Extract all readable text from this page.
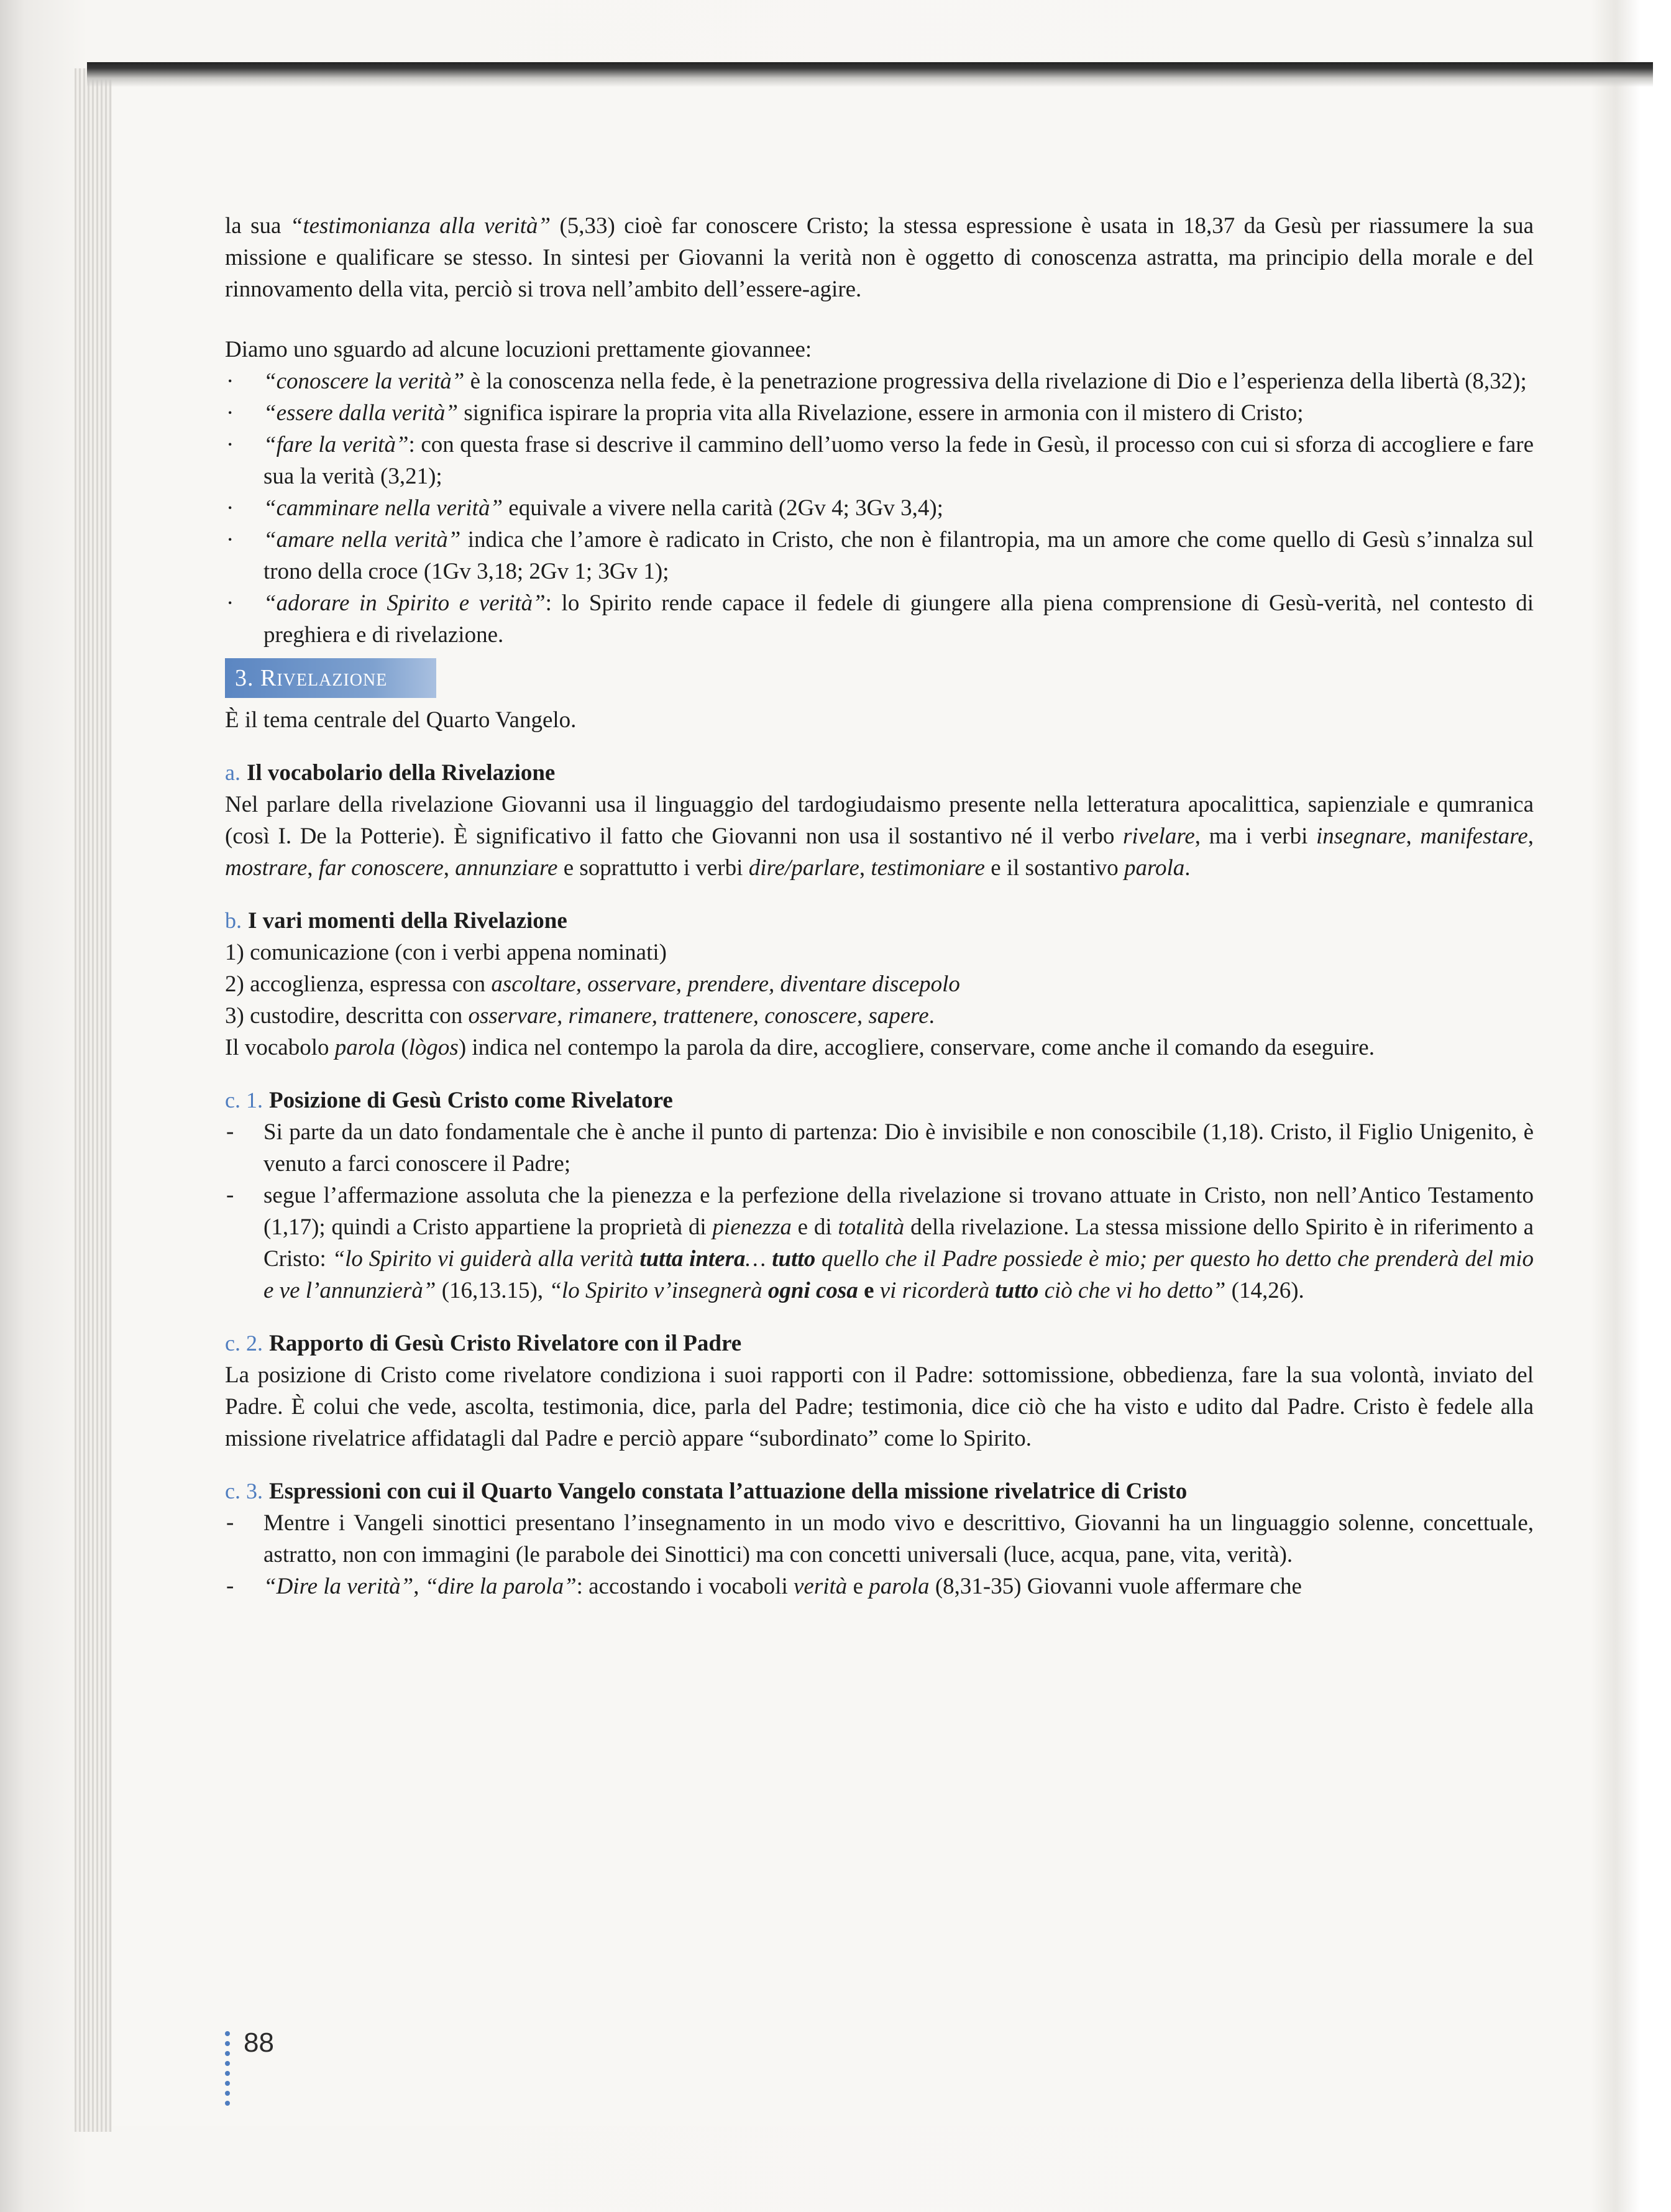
la sua “testimonianza alla verità” (5,33) cioè far conoscere Cristo; la stessa espressione è usata in 18,37 da Gesù per riassumere la sua missione e qualificare se stesso. In sintesi per Giovanni la verità non è oggetto di conoscenza astratta, ma principio della morale e del rinnovamento della vita, perciò si trova nell’ambito dell’essere-agire.

Diamo uno sguardo ad alcune locuzioni prettamente giovannee:

· “conoscere la verità” è la conoscenza nella fede, è la penetrazione progressiva della rivelazione di Dio e l’esperienza della libertà (8,32);
· “essere dalla verità” significa ispirare la propria vita alla Rivelazione, essere in armonia con il mistero di Cristo;
· “fare la verità”: con questa frase si descrive il cammino dell’uomo verso la fede in Gesù, il processo con cui si sforza di accogliere e fare sua la verità (3,21);
· “camminare nella verità” equivale a vivere nella carità (2Gv 4; 3Gv 3,4);
· “amare nella verità” indica che l’amore è radicato in Cristo, che non è filantropia, ma un amore che come quello di Gesù s’innalza sul trono della croce (1Gv 3,18; 2Gv 1; 3Gv 1);
· “adorare in Spirito e verità”: lo Spirito rende capace il fedele di giungere alla piena comprensione di Gesù-verità, nel contesto di preghiera e di rivelazione.
3. RIVELAZIONE

È il tema centrale del Quarto Vangelo.

a. Il vocabolario della Rivelazione

Nel parlare della rivelazione Giovanni usa il linguaggio del tardogiudaismo presente nella letteratura apocalittica, sapienziale e qumranica (così I. De la Potterie). È significativo il fatto che Giovanni non usa il sostantivo né il verbo rivelare, ma i verbi insegnare, manifestare, mostrare, far conoscere, annunziare e soprattutto i verbi dire/parlare, testimoniare e il sostantivo parola.

b. I vari momenti della Rivelazione

1) comunicazione (con i verbi appena nominati)
2) accoglienza, espressa con ascoltare, osservare, prendere, diventare discepolo
3) custodire, descritta con osservare, rimanere, trattenere, conoscere, sapere.

Il vocabolo parola (lògos) indica nel contempo la parola da dire, accogliere, conservare, come anche il comando da eseguire.

c. 1. Posizione di Gesù Cristo come Rivelatore

- Si parte da un dato fondamentale che è anche il punto di partenza: Dio è invisibile e non conoscibile (1,18). Cristo, il Figlio Unigenito, è venuto a farci conoscere il Padre;
- segue l’affermazione assoluta che la pienezza e la perfezione della rivelazione si trovano attuate in Cristo, non nell’Antico Testamento (1,17); quindi a Cristo appartiene la proprietà di pienezza e di totalità della rivelazione. La stessa missione dello Spirito è in riferimento a Cristo: “lo Spirito vi guiderà alla verità tutta intera… tutto quello che il Padre possiede è mio; per questo ho detto che prenderà del mio e ve l’annunzierà” (16,13.15), “lo Spirito v’insegnerà ogni cosa e vi ricorderà tutto ciò che vi ho detto” (14,26).

c. 2. Rapporto di Gesù Cristo Rivelatore con il Padre

La posizione di Cristo come rivelatore condiziona i suoi rapporti con il Padre: sottomissione, obbedienza, fare la sua volontà, inviato del Padre. È colui che vede, ascolta, testimonia, dice, parla del Padre; testimonia, dice ciò che ha visto e udito dal Padre. Cristo è fedele alla missione rivelatrice affidatagli dal Padre e perciò appare “subordinato” come lo Spirito.

c. 3. Espressioni con cui il Quarto Vangelo constata l’attuazione della missione rivelatrice di Cristo

- Mentre i Vangeli sinottici presentano l’insegnamento in un modo vivo e descrittivo, Giovanni ha un linguaggio solenne, concettuale, astratto, non con immagini (le parabole dei Sinottici) ma con concetti universali (luce, acqua, pane, vita, verità).
- “Dire la verità”, “dire la parola”: accostando i vocaboli verità e parola (8,31-35) Giovanni vuole affermare che
88
